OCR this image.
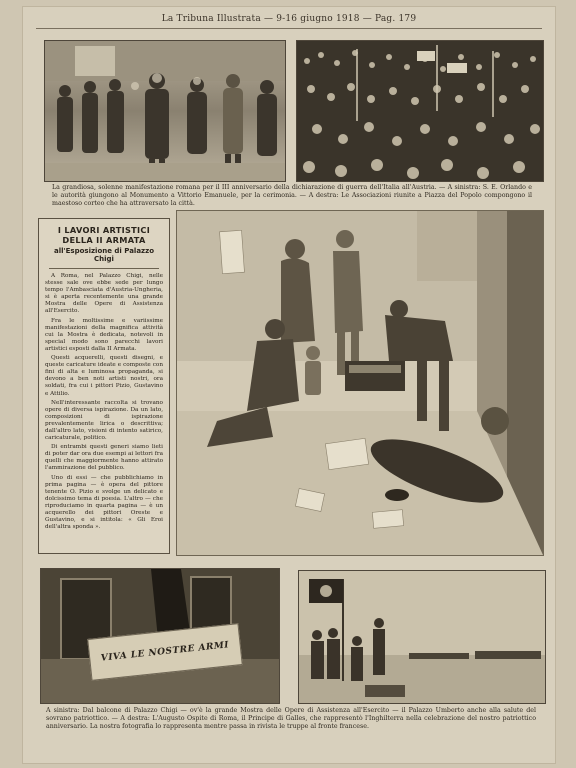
La Tribuna Illustrata — 9-16 giugno 1918 — Pag. 179
La grandiosa, solenne manifestazione romana per il III anniversario della dichiarazione di guerra dell'Italia all'Austria. — A sinistra: S. E. Orlando e le autorità giungono al Monumento a Vittorio Emanuele, per la cerimonia. — A destra: Le Associazioni riunite a Piazza del Popolo compongono il maestoso corteo che ha attraversato la città.
I LAVORI ARTISTICI DELLA II ARMATA
all'Esposizione di Palazzo Chigi

A Roma, nel Palazzo Chigi, nelle stesse sale ove ebbe sede per lungo tempo l'Ambasciata d'Austria-Ungheria, si è aperta recentemente una grande Mostra delle Opere di Assistenza all'Esercito.

Fra le moltissime e variissime manifestazioni della magnifica attività cui la Mostra è dedicata, notevoli in special modo sono parecchi lavori artistici esposti dalla II Armata.

Questi acquerelli, questi disegni, e queste caricature ideate e composte con fini di alta e luminosa propaganda, si devono a ben noti artisti nostri, ora soldati, fra cui i pittori Pizio, Gustavino e Attilio.

Nell'interessante raccolta si trovano opere di diversa ispirazione. Da un lato, composizioni di ispirazione prevalentemente lirica o descrittiva; dall'altro lato, visioni di intento satirico, caricaturale, politico.

Di entrambi questi generi siamo lieti di poter dar ora due esempi ai lettori fra quelli che maggiormente hanno attirato l'ammirazione del pubblico.

Uno di essi — che pubblichiamo in prima pagina — è opera del pittore tenente O. Pizio e svolge un delicato e dolcissimo tema di poesia. L'altro — che riproduciamo in quarta pagina — è un acquerello dei pittori Oreste e Gustavino, e si intitola: « Gli Eroi dell'altra sponda ».

VIVA LE NOSTRE ARMI
A sinistra: Dal balcone di Palazzo Chigi — ov'è la grande Mostra delle Opere di Assistenza all'Esercito — il Palazzo Umberto anche alla salute del sovrano patriottico. — A destra: L'Augusto Ospite di Roma, il Principe di Galles, che rappresentò l'Inghilterra nella celebrazione del nostro patriottico anniversario. La nostra fotografia lo rappresenta mentre passa in rivista le truppe al fronte francese.
